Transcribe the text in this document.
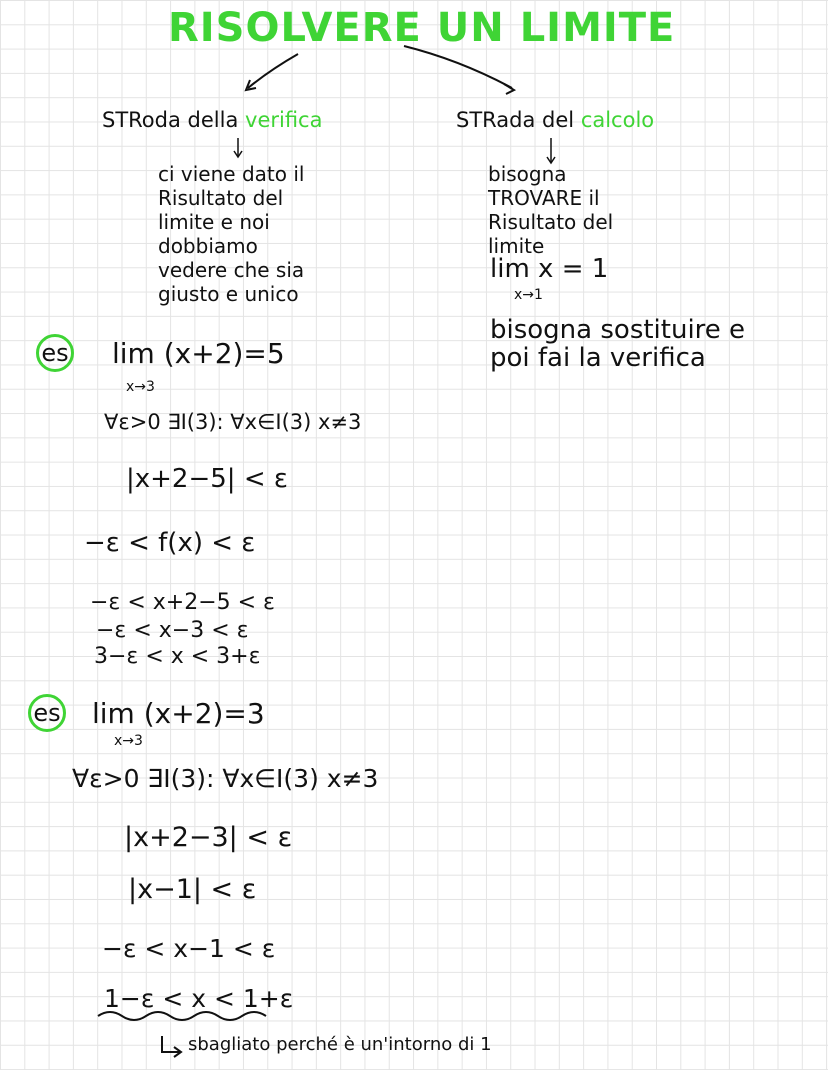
RISOLVERE UN LIMITE
STRoda della verifica
ci viene dato il Risultato del limite e noi dobbiamo vedere che sia giusto e unico
STRada del calcolo
bisogna TROVARE il Risultato del limite
lim x = 1
x→1
bisogna sostituire e poi fai la verifica
es lim (x+2)=5
x→3
∀ε>0 ∃I(3): ∀x∈I(3) x≠3
|x+2−5| < ε
−ε < f(x) < ε
−ε < x+2−5 < ε
−ε < x−3 < ε
3−ε < x < 3+ε
es lim (x+2)=3
x→3
∀ε>0 ∃I(3): ∀x∈I(3) x≠3
|x+2−3| < ε
|x−1| < ε
−ε < x−1 < ε
1−ε < x < 1+ε
sbagliato perché è un'intorno di 1
